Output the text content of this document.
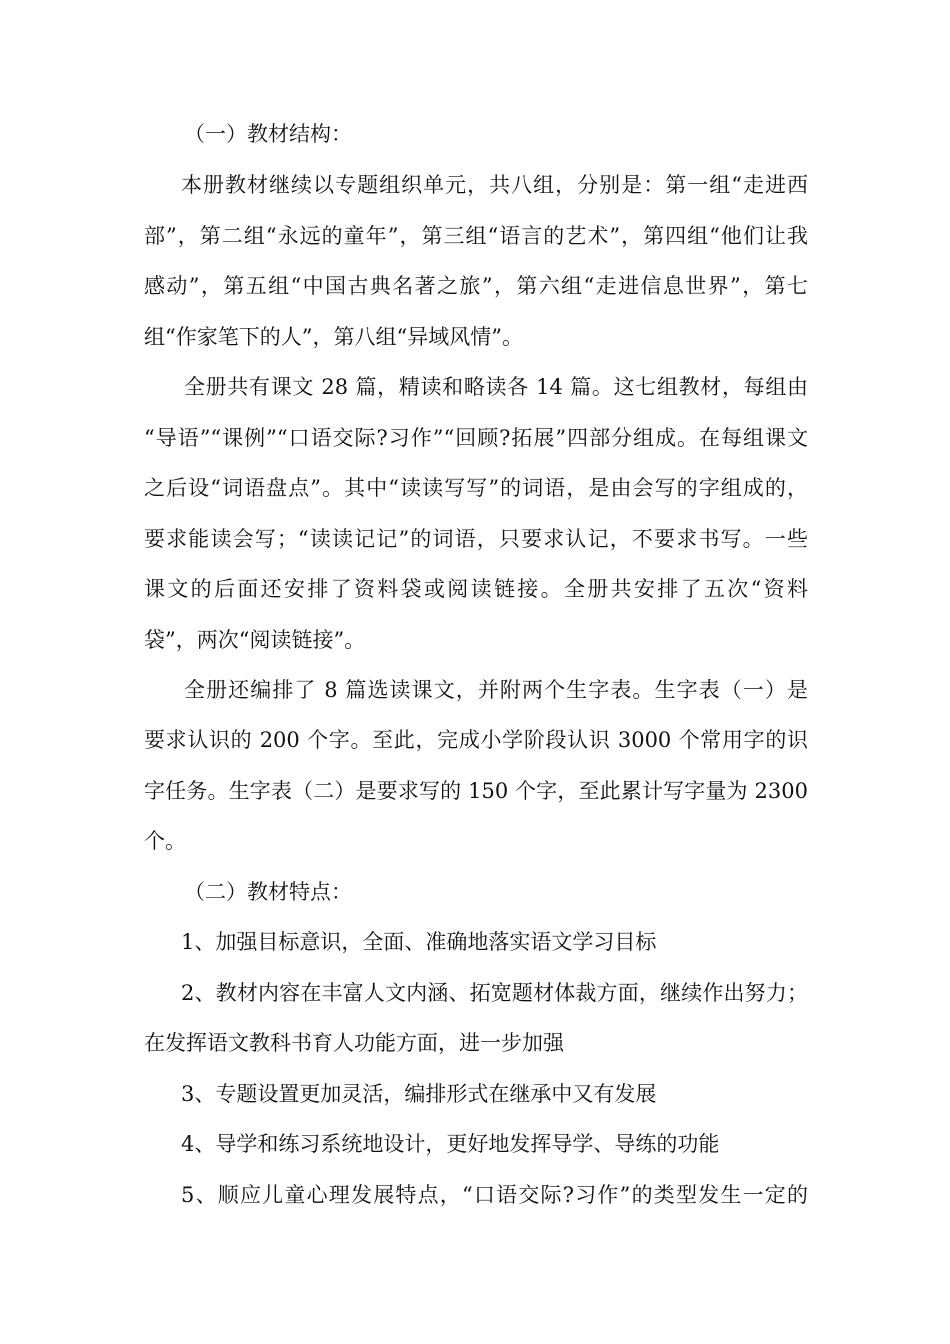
（一）教材结构：
本册教材继续以专题组织单元，共八组，分别是：第一组“走进西
部”，第二组“永远的童年”，第三组“语言的艺术”，第四组“他们让我
感动”，第五组“中国古典名著之旅”，第六组“走进信息世界”，第七
组“作家笔下的人”，第八组“异域风情”。
全册共有课文 28 篇，精读和略读各 14 篇。这七组教材，每组由
“导语”“课例”“口语交际?习作”“回顾?拓展”四部分组成。在每组课文
之后设“词语盘点”。其中“读读写写”的词语，是由会写的字组成的，
要求能读会写；“读读记记”的词语，只要求认记，不要求书写。一些
课文的后面还安排了资料袋或阅读链接。全册共安排了五次“资料
袋”，两次“阅读链接”。
全册还编排了 8 篇选读课文，并附两个生字表。生字表（一）是
要求认识的 200 个字。至此，完成小学阶段认识 3000 个常用字的识
字任务。生字表（二）是要求写的 150 个字，至此累计写字量为 2300
个。
（二）教材特点：
1、加强目标意识，全面、准确地落实语文学习目标
2、教材内容在丰富人文内涵、拓宽题材体裁方面，继续作出努力；
在发挥语文教科书育人功能方面，进一步加强
3、专题设置更加灵活，编排形式在继承中又有发展
4、导学和练习系统地设计，更好地发挥导学、导练的功能
5、顺应儿童心理发展特点，“口语交际?习作”的类型发生一定的
